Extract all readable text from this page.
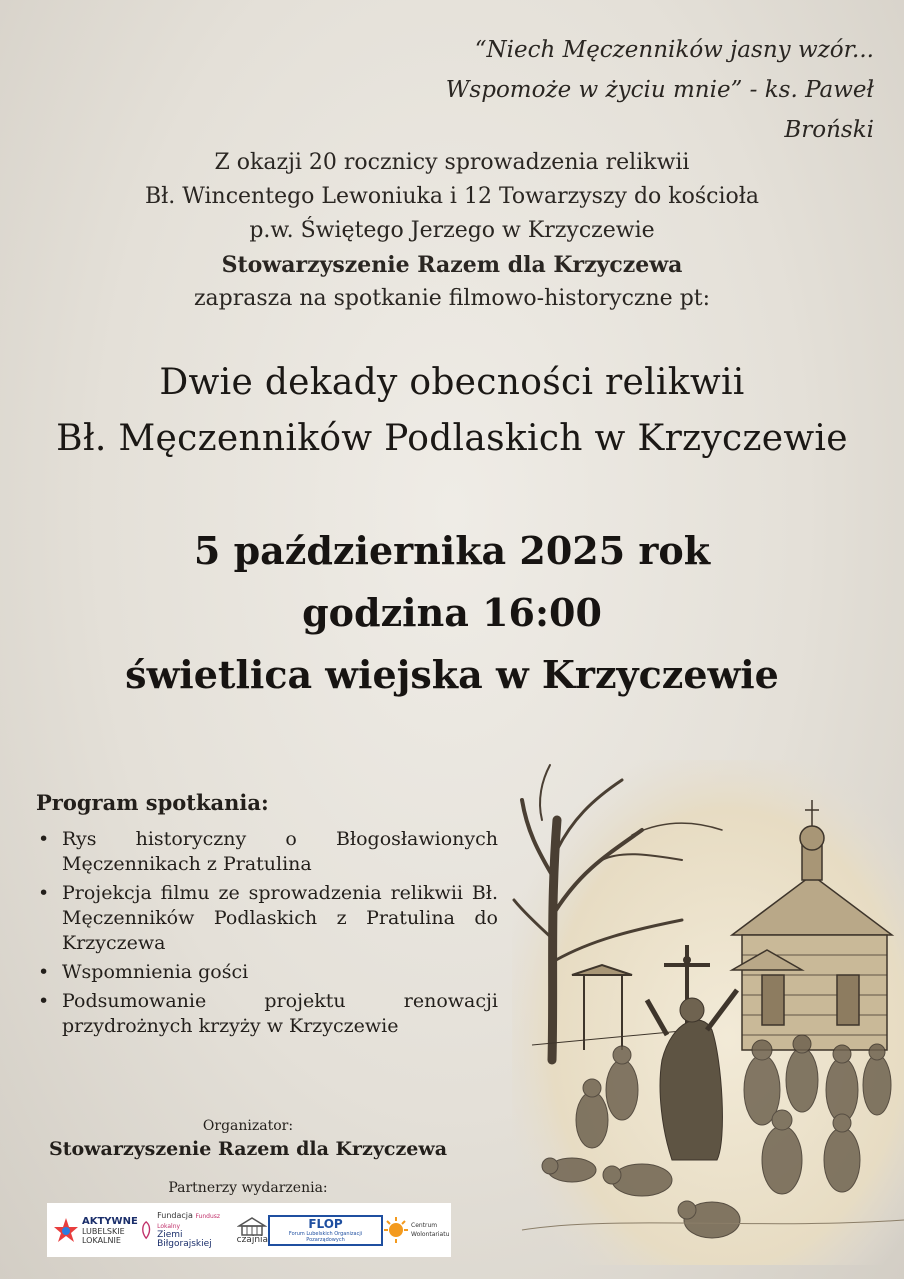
“Niech Męczenników jasny wzór...
Wspomoże w życiu mnie” - ks. Paweł Broński
Z okazji 20 rocznicy sprowadzenia relikwii
Bł. Wincentego Lewoniuka i 12 Towarzyszy do kościoła
p.w. Świętego Jerzego w Krzyczewie
Stowarzyszenie Razem dla Krzyczewa
zaprasza na spotkanie filmowo-historyczne pt:
Dwie dekady obecności relikwii
Bł. Męczenników Podlaskich w Krzyczewie
5 października 2025 rok
godzina 16:00
świetlica wiejska w Krzyczewie
Program spotkania:
• Rys historyczny o Błogosławionych Męczennikach z Pratulina
• Projekcja filmu ze sprowadzenia relikwii Bł. Męczenników Podlaskich z Pratulina do Krzyczewa
• Wspomnienia gości
• Podsumowanie projektu renowacji przydrożnych krzyży w Krzyczewie
Organizator:
Stowarzyszenie Razem dla Krzyczewa
Partnerzy wydarzenia:
AKTYWNE
LUBELSKIE
LOKALNIE
Fundacja Fundusz Lokalny
Ziemi Biłgorajskiej	czajnia
FLOP
Forum Lubelskich Organizacji Pozarządowych
Centrum Wolontariatu
